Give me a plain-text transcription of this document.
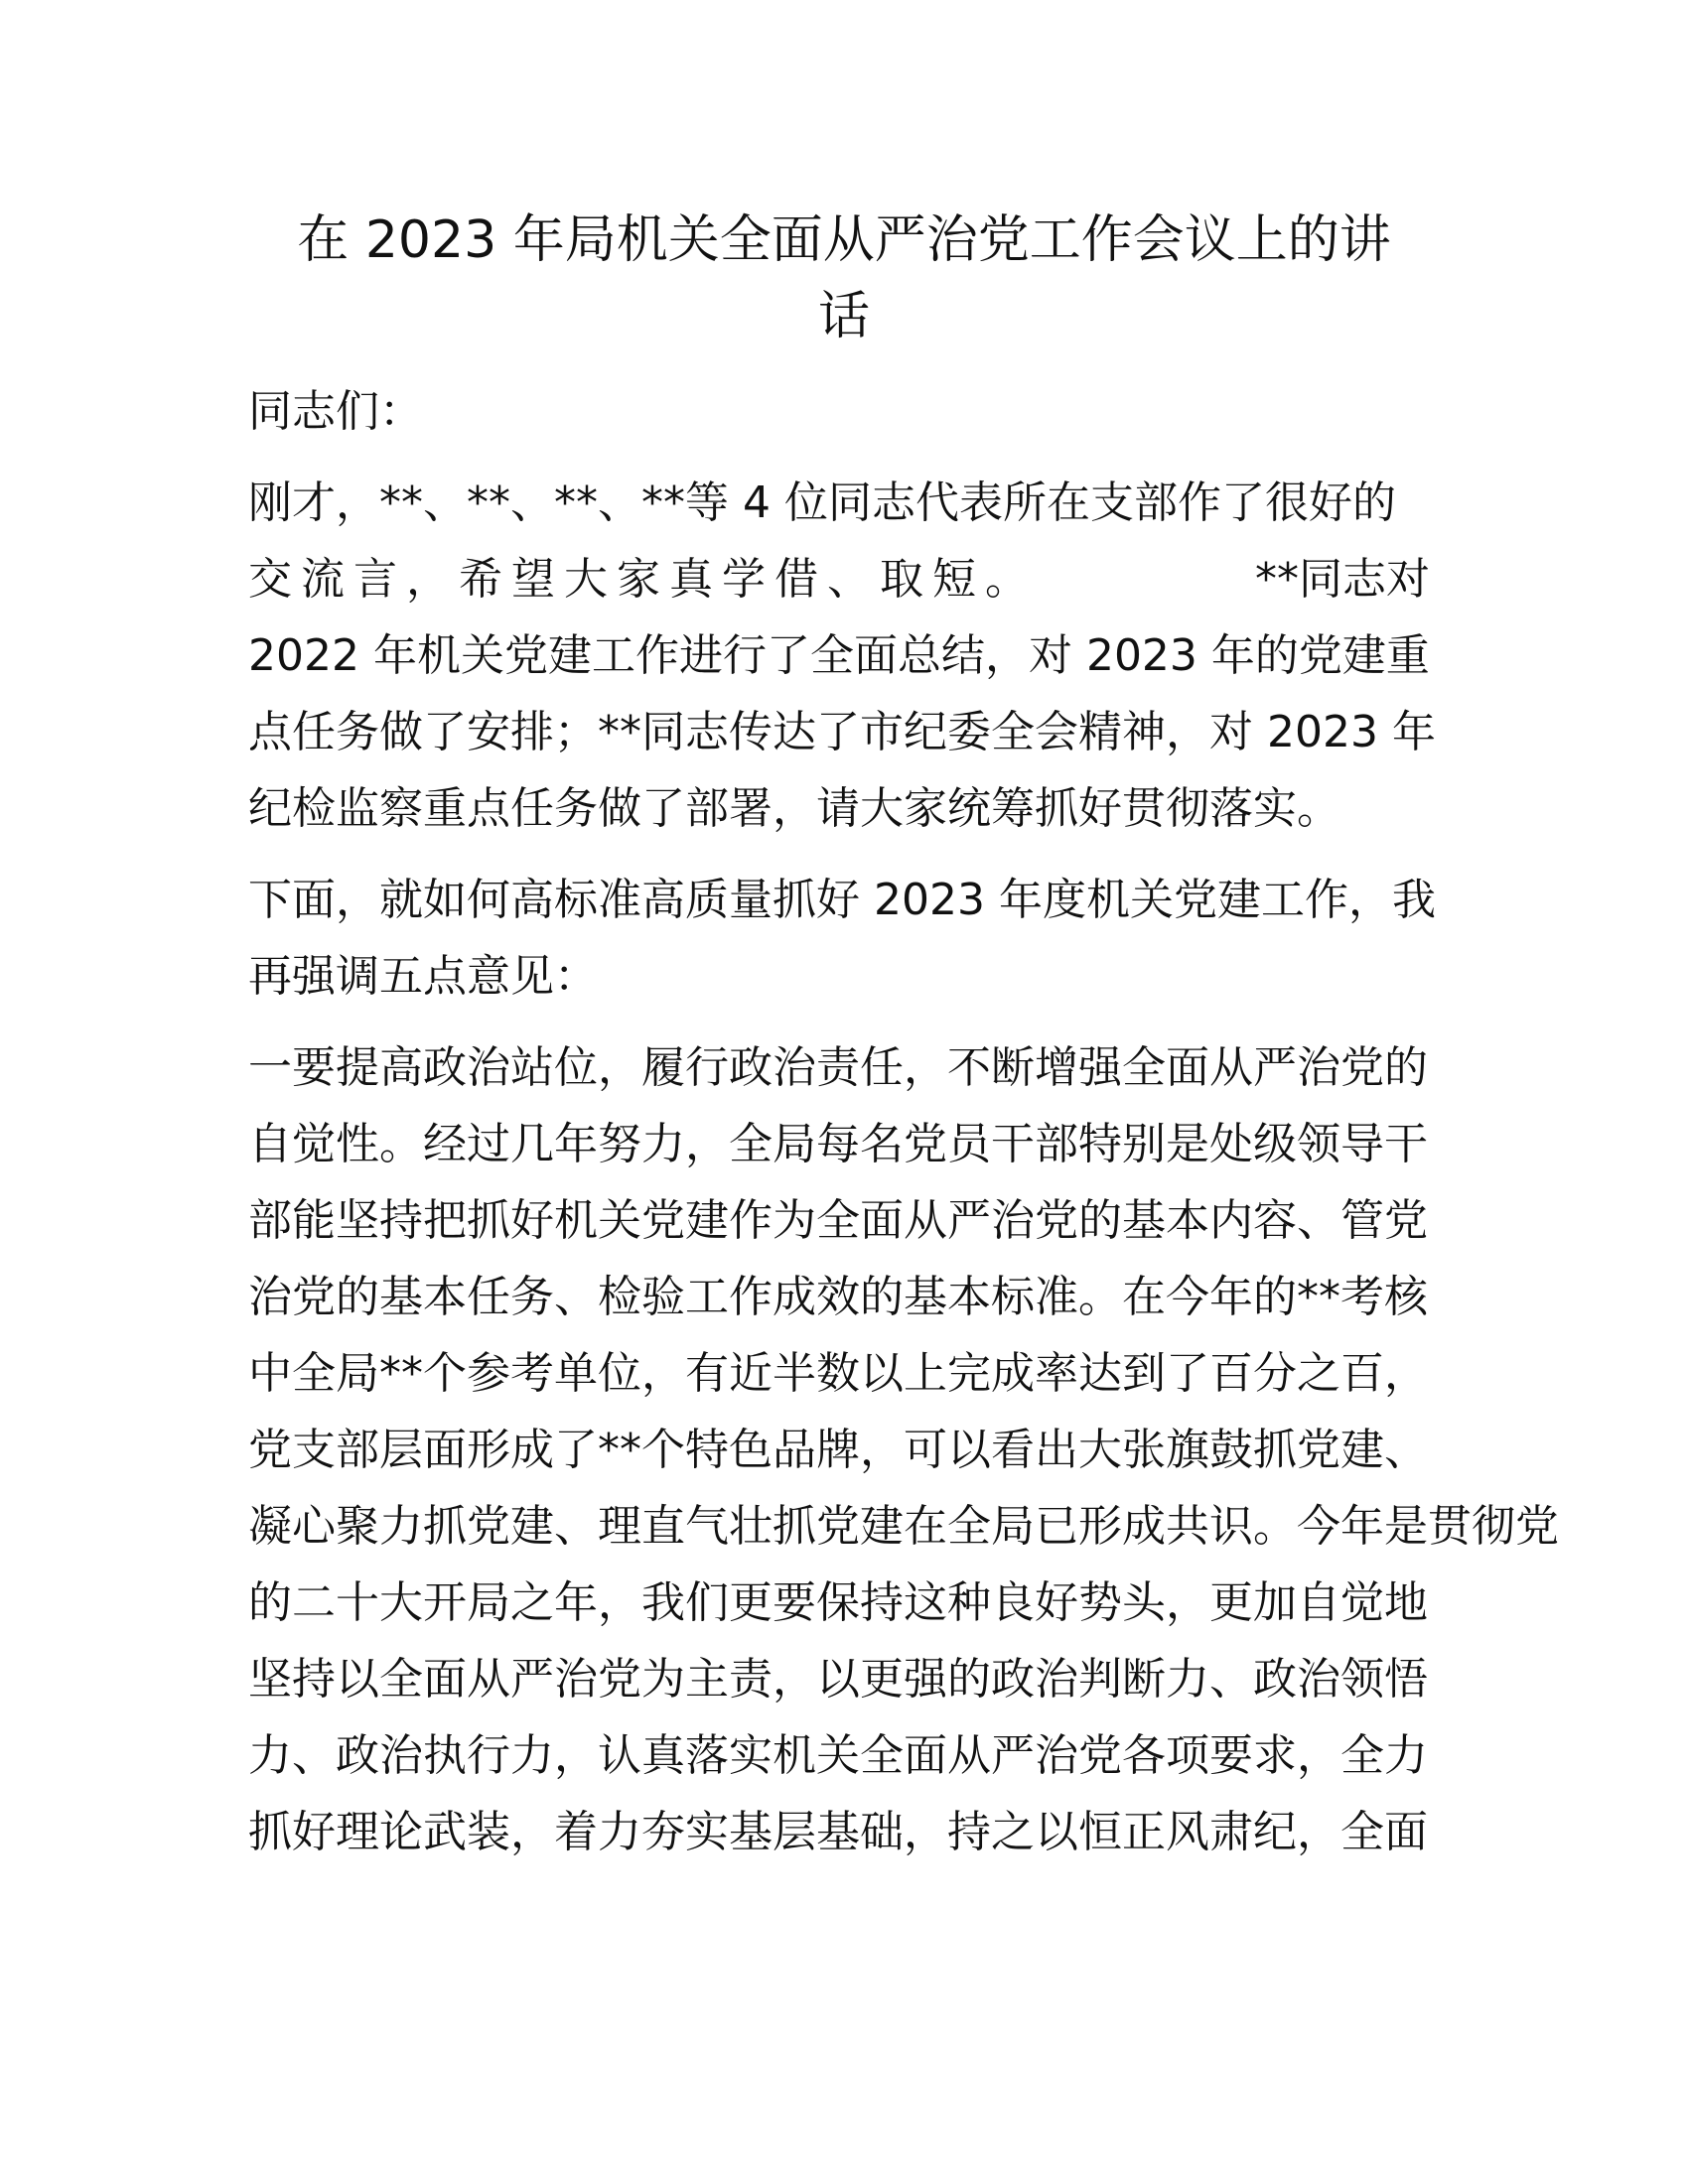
在 2023 年局机关全面从严治党工作会议上的讲
话
同志们：
刚才，**、**、**、**等 4 位同志代表所在支部作了很好的
交流言，希望大家真学借、取短。	**同志对
2022 年机关党建工作进行了全面总结，对 2023 年的党建重
点任务做了安排；**同志传达了市纪委全会精神，对 2023 年
纪检监察重点任务做了部署，请大家统筹抓好贯彻落实。
下面，就如何高标准高质量抓好 2023 年度机关党建工作，我
再强调五点意见：
一要提高政治站位，履行政治责任，不断增强全面从严治党的
自觉性。经过几年努力，全局每名党员干部特别是处级领导干
部能坚持把抓好机关党建作为全面从严治党的基本内容、管党
治党的基本任务、检验工作成效的基本标准。在今年的**考核
中全局**个参考单位，有近半数以上完成率达到了百分之百，
党支部层面形成了**个特色品牌，可以看出大张旗鼓抓党建、
凝心聚力抓党建、理直气壮抓党建在全局已形成共识。今年是贯彻党
的二十大开局之年，我们更要保持这种良好势头，更加自觉地
坚持以全面从严治党为主责，以更强的政治判断力、政治领悟
力、政治执行力，认真落实机关全面从严治党各项要求，全力
抓好理论武装，着力夯实基层基础，持之以恒正风肃纪，全面
